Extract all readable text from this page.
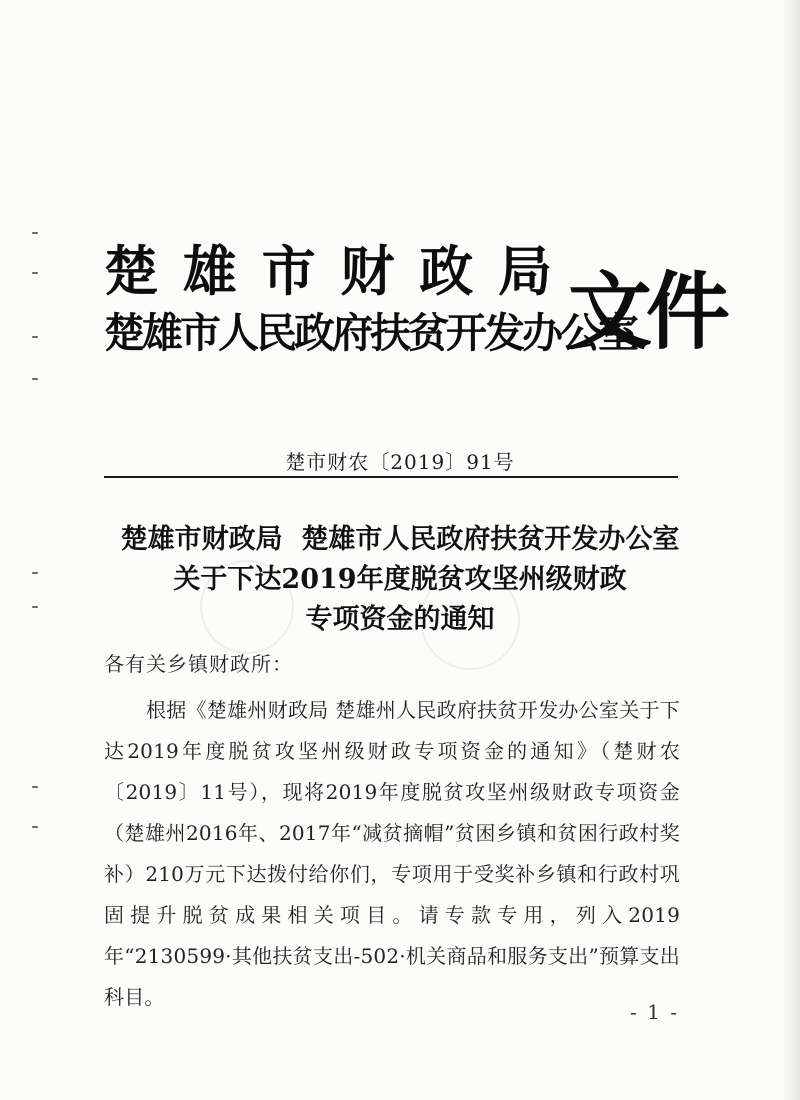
楚 雄 市 财 政 局
楚雄市人民政府扶贫开发办公室
文件
楚市财农〔2019〕91号
楚雄市财政局  楚雄市人民政府扶贫开发办公室
关于下达2019年度脱贫攻坚州级财政
专项资金的通知
各有关乡镇财政所：
根据《楚雄州财政局 楚雄州人民政府扶贫开发办公室关于下达2019年度脱贫攻坚州级财政专项资金的通知》（楚财农〔2019〕11号），现将2019年度脱贫攻坚州级财政专项资金（楚雄州2016年、2017年“减贫摘帽”贫困乡镇和贫困行政村奖补）210万元下达拨付给你们，专项用于受奖补乡镇和行政村巩固提升脱贫成果相关项目。请专款专用，列入2019年“2130599·其他扶贫支出-502·机关商品和服务支出”预算支出科目。
- 1 -
